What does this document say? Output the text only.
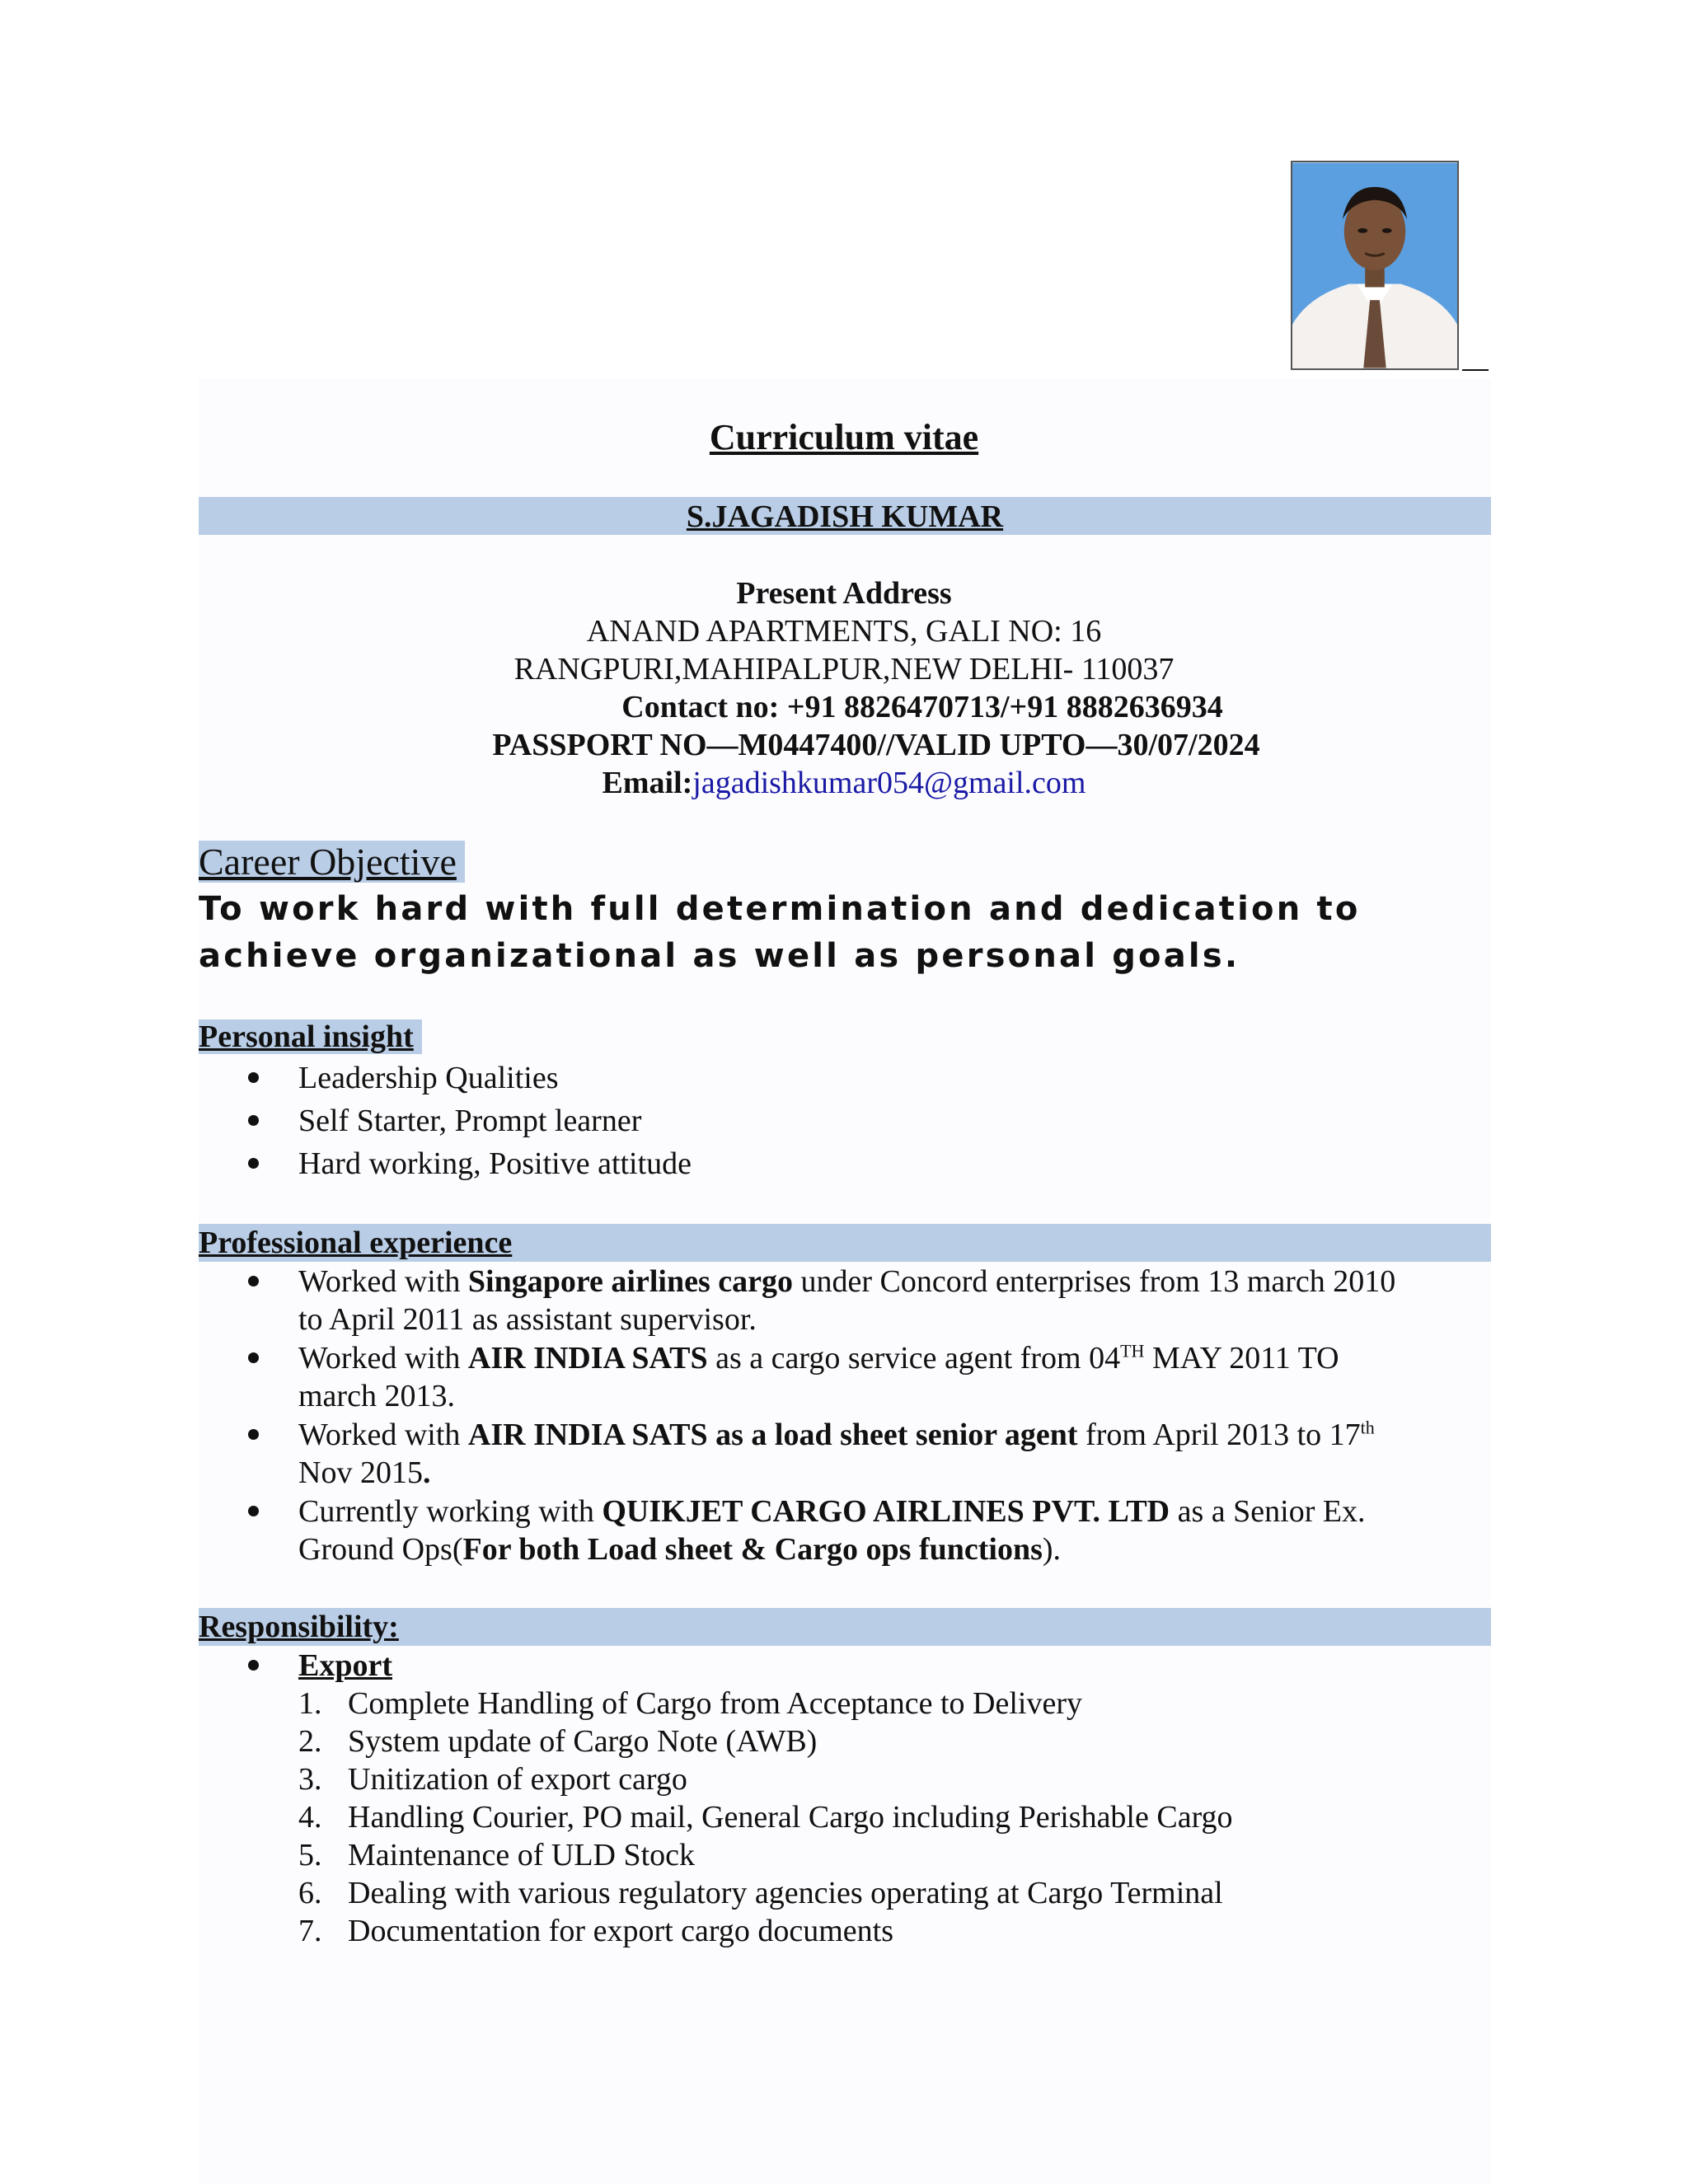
Curriculum vitae
S.JAGADISH KUMAR
Present Address
ANAND APARTMENTS, GALI NO: 16
RANGPURI,MAHIPALPUR,NEW DELHI- 110037
Contact no: +91 8826470713/+91 8882636934
PASSPORT NO—M0447400//VALID UPTO—30/07/2024
Email:jagadishkumar054@gmail.com
Career Objective
To work hard with full determination and dedication to
achieve organizational as well as personal goals.
Personal insight
Leadership Qualities
Self Starter, Prompt learner
Hard working, Positive attitude
Professional experience
Worked with Singapore airlines cargo under Concord enterprises from 13 march 2010
to April 2011 as assistant supervisor.
Worked with AIR INDIA SATS as a cargo service agent from 04TH MAY 2011 TO
march 2013.
Worked with AIR INDIA SATS as a load sheet senior agent from April 2013 to 17th
Nov 2015.
Currently working with QUIKJET CARGO AIRLINES PVT. LTD as a Senior Ex.
Ground Ops(For both Load sheet & Cargo ops functions).
Responsibility:
Export
1. Complete Handling of Cargo from Acceptance to Delivery
2. System update of Cargo Note (AWB)
3. Unitization of export cargo
4. Handling Courier, PO mail, General Cargo including Perishable Cargo
5. Maintenance of ULD Stock
6. Dealing with various regulatory agencies operating at Cargo Terminal
7. Documentation for export cargo documents
